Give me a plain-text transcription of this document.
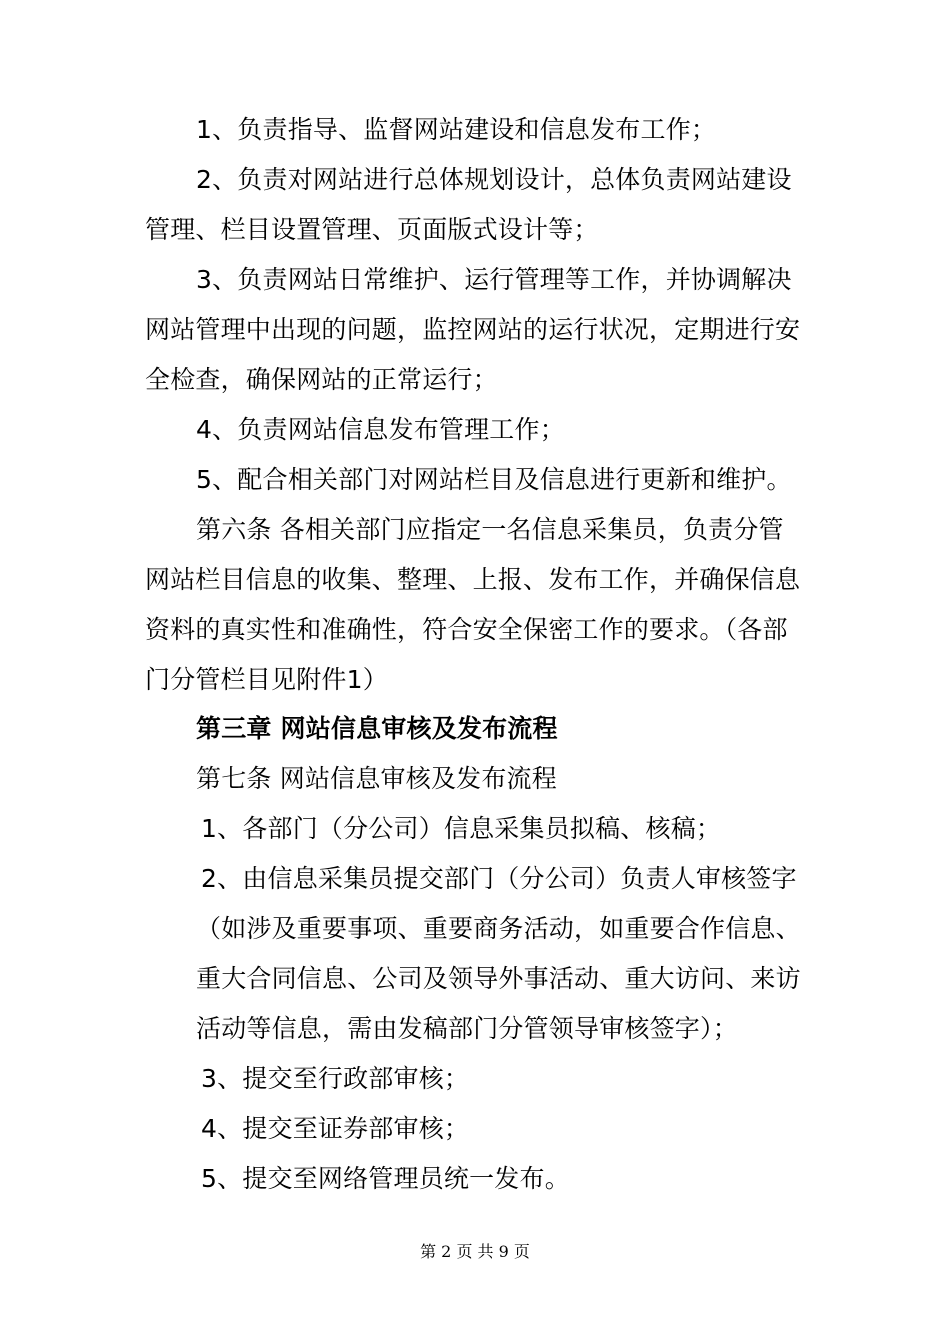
1、负责指导、监督网站建设和信息发布工作；
2、负责对网站进行总体规划设计，总体负责网站建设
管理、栏目设置管理、页面版式设计等；
3、负责网站日常维护、运行管理等工作，并协调解决
网站管理中出现的问题，监控网站的运行状况，定期进行安
全检查，确保网站的正常运行；
4、负责网站信息发布管理工作；
5、配合相关部门对网站栏目及信息进行更新和维护。
第六条 各相关部门应指定一名信息采集员，负责分管
网站栏目信息的收集、整理、上报、发布工作，并确保信息
资料的真实性和准确性，符合安全保密工作的要求。（各部
门分管栏目见附件1）
第三章 网站信息审核及发布流程
第七条 网站信息审核及发布流程
1、各部门（分公司）信息采集员拟稿、核稿；
2、由信息采集员提交部门（分公司）负责人审核签字
（如涉及重要事项、重要商务活动，如重要合作信息、
重大合同信息、公司及领导外事活动、重大访问、来访
活动等信息，需由发稿部门分管领导审核签字）；
3、提交至行政部审核；
4、提交至证券部审核；
5、提交至网络管理员统一发布。
第 2 页 共 9 页
